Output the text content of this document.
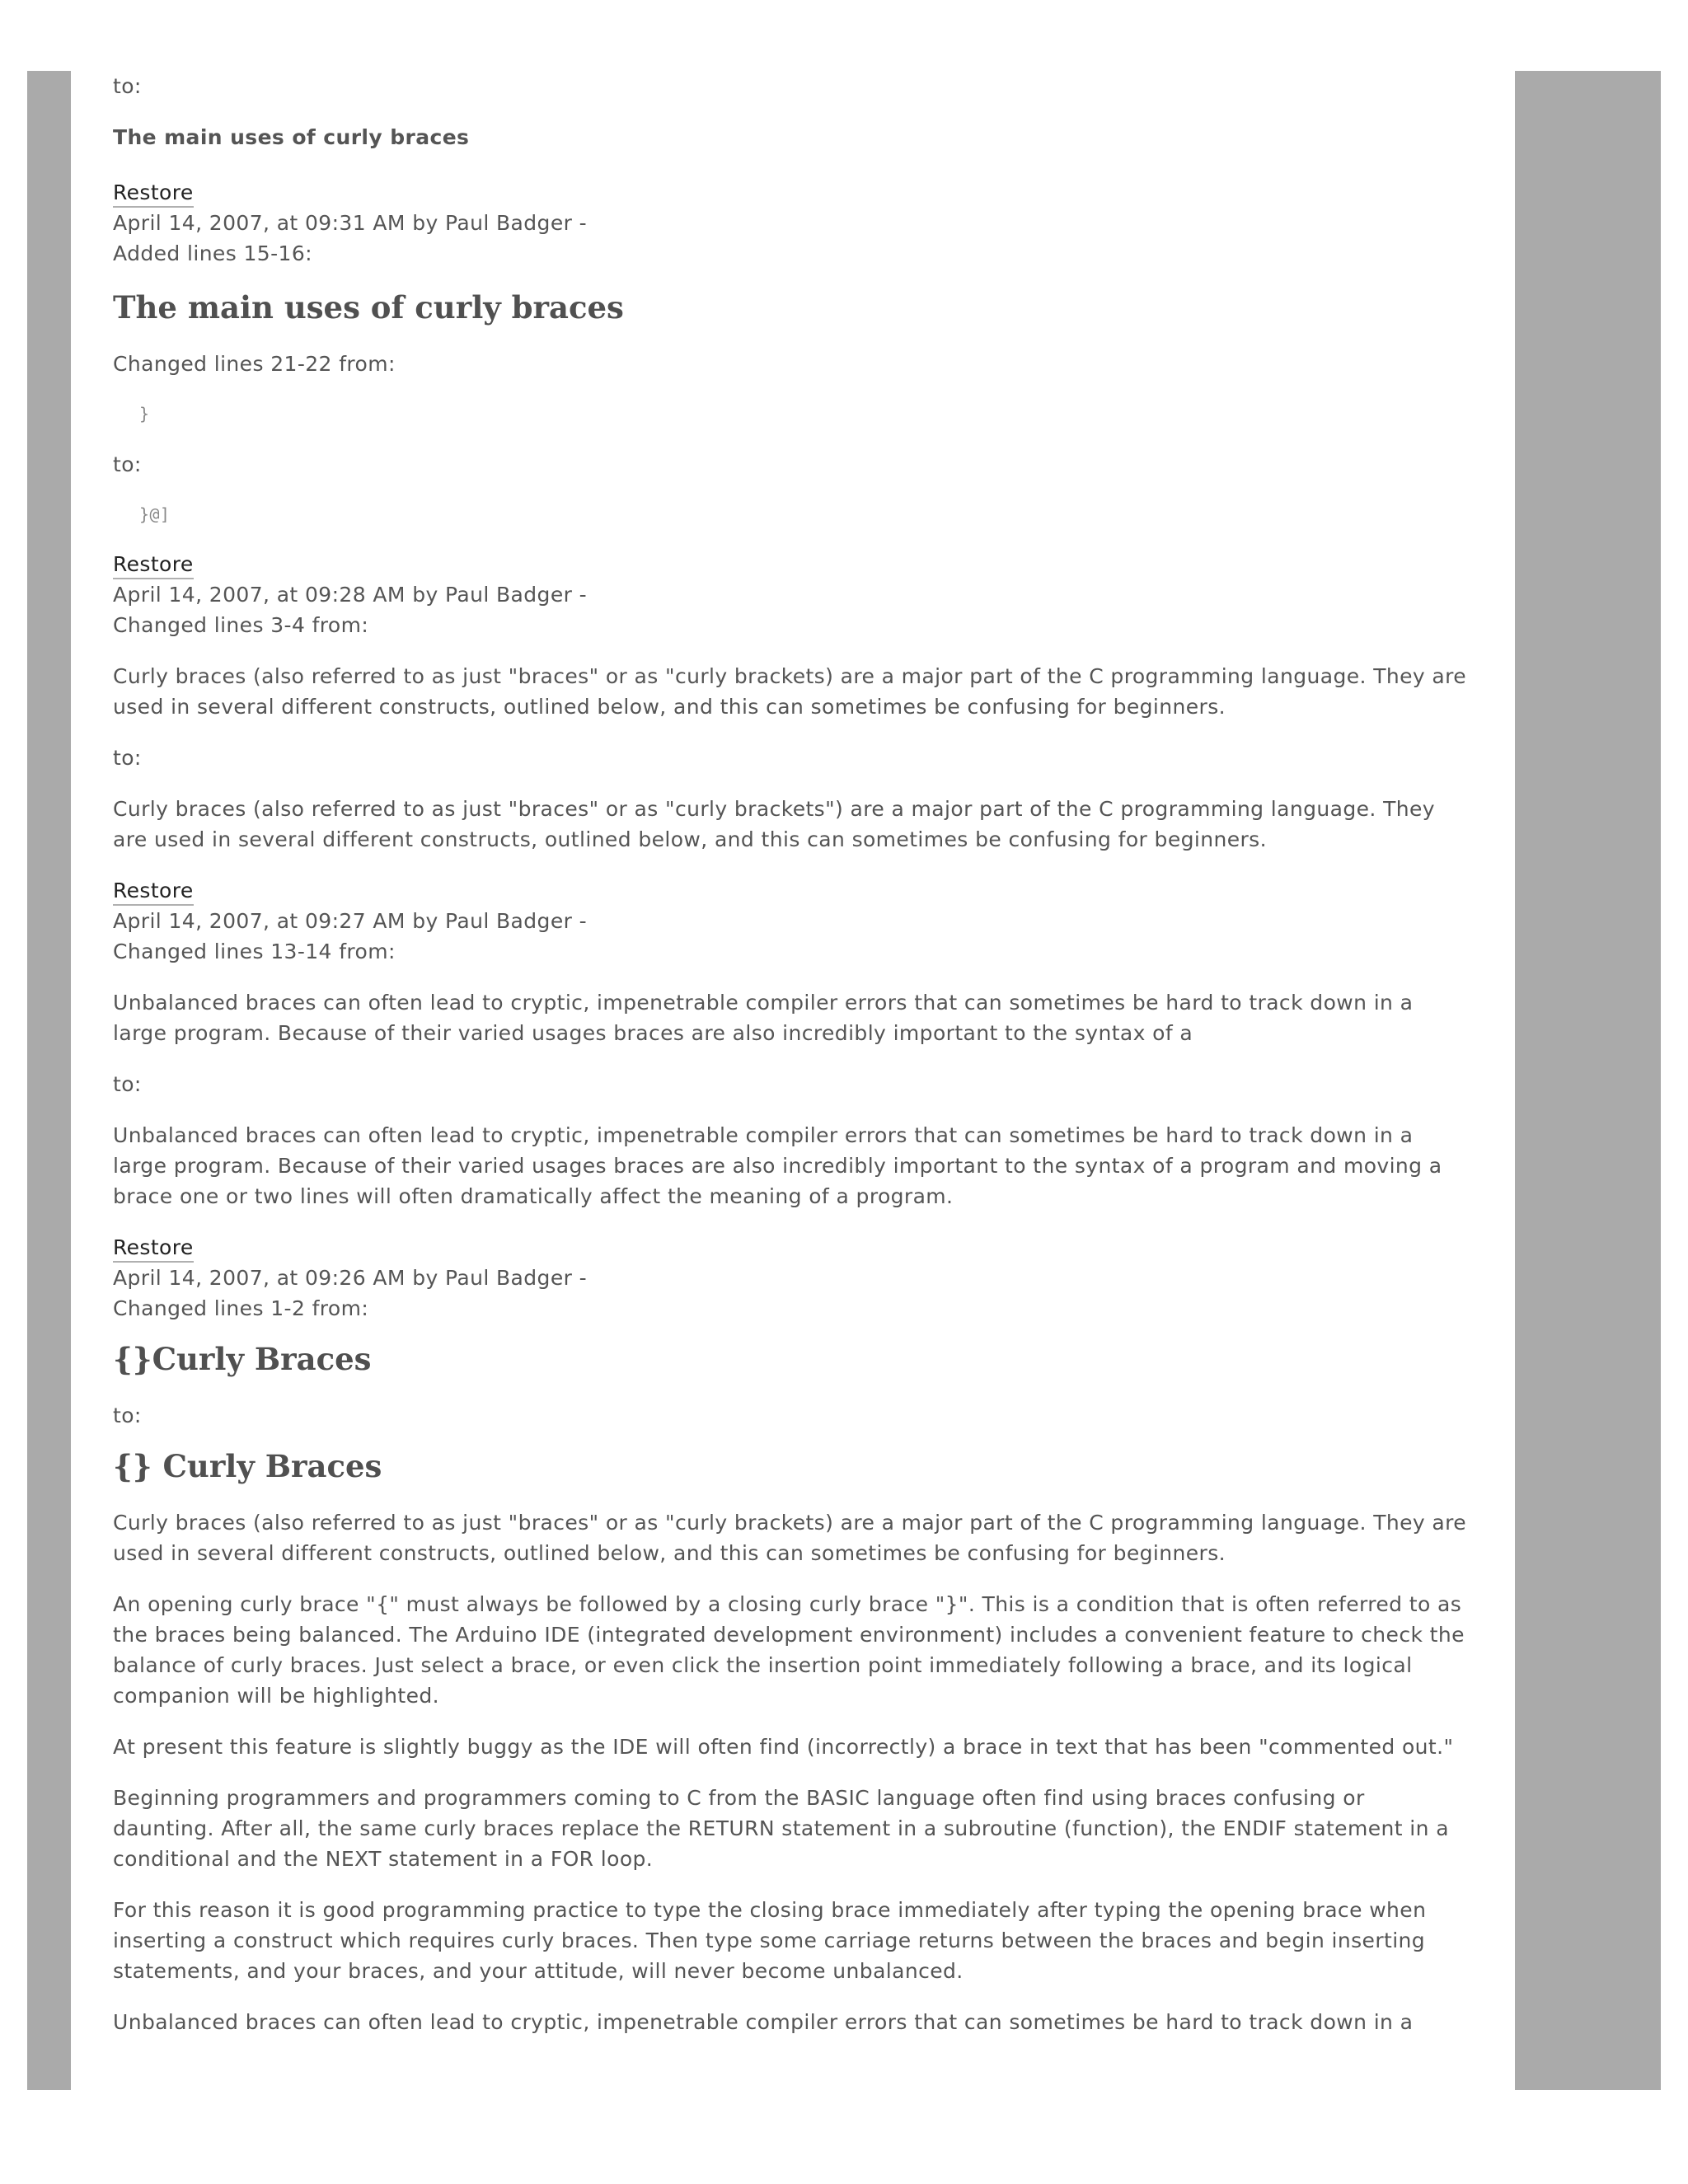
to:

The main uses of curly braces

Restore

April 14, 2007, at 09:31 AM by Paul Badger -

Added lines 15-16:

The main uses of curly braces

Changed lines 21-22 from:

}

to:

}@]
Restore

April 14, 2007, at 09:28 AM by Paul Badger -

Changed lines 3-4 from:

Curly braces (also referred to as just "braces" or as "curly brackets) are a major part of the C programming language. They are used in several different constructs, outlined below, and this can sometimes be confusing for beginners.

to:

Curly braces (also referred to as just "braces" or as "curly brackets") are a major part of the C programming language. They are used in several different constructs, outlined below, and this can sometimes be confusing for beginners.

Restore

April 14, 2007, at 09:27 AM by Paul Badger -

Changed lines 13-14 from:

Unbalanced braces can often lead to cryptic, impenetrable compiler errors that can sometimes be hard to track down in a large program. Because of their varied usages braces are also incredibly important to the syntax of a

to:

Unbalanced braces can often lead to cryptic, impenetrable compiler errors that can sometimes be hard to track down in a large program. Because of their varied usages braces are also incredibly important to the syntax of a program and moving a brace one or two lines will often dramatically affect the meaning of a program.

Restore

April 14, 2007, at 09:26 AM by Paul Badger -

Changed lines 1-2 from:

{}Curly Braces

to:

{} Curly Braces

Curly braces (also referred to as just "braces" or as "curly brackets) are a major part of the C programming language. They are used in several different constructs, outlined below, and this can sometimes be confusing for beginners.

An opening curly brace "{" must always be followed by a closing curly brace "}". This is a condition that is often referred to as the braces being balanced. The Arduino IDE (integrated development environment) includes a convenient feature to check the balance of curly braces. Just select a brace, or even click the insertion point immediately following a brace, and its logical companion will be highlighted.

At present this feature is slightly buggy as the IDE will often find (incorrectly) a brace in text that has been "commented out."

Beginning programmers and programmers coming to C from the BASIC language often find using braces confusing or daunting. After all, the same curly braces replace the RETURN statement in a subroutine (function), the ENDIF statement in a conditional and the NEXT statement in a FOR loop.

For this reason it is good programming practice to type the closing brace immediately after typing the opening brace when inserting a construct which requires curly braces. Then type some carriage returns between the braces and begin inserting statements, and your braces, and your attitude, will never become unbalanced.

Unbalanced braces can often lead to cryptic, impenetrable compiler errors that can sometimes be hard to track down in a
